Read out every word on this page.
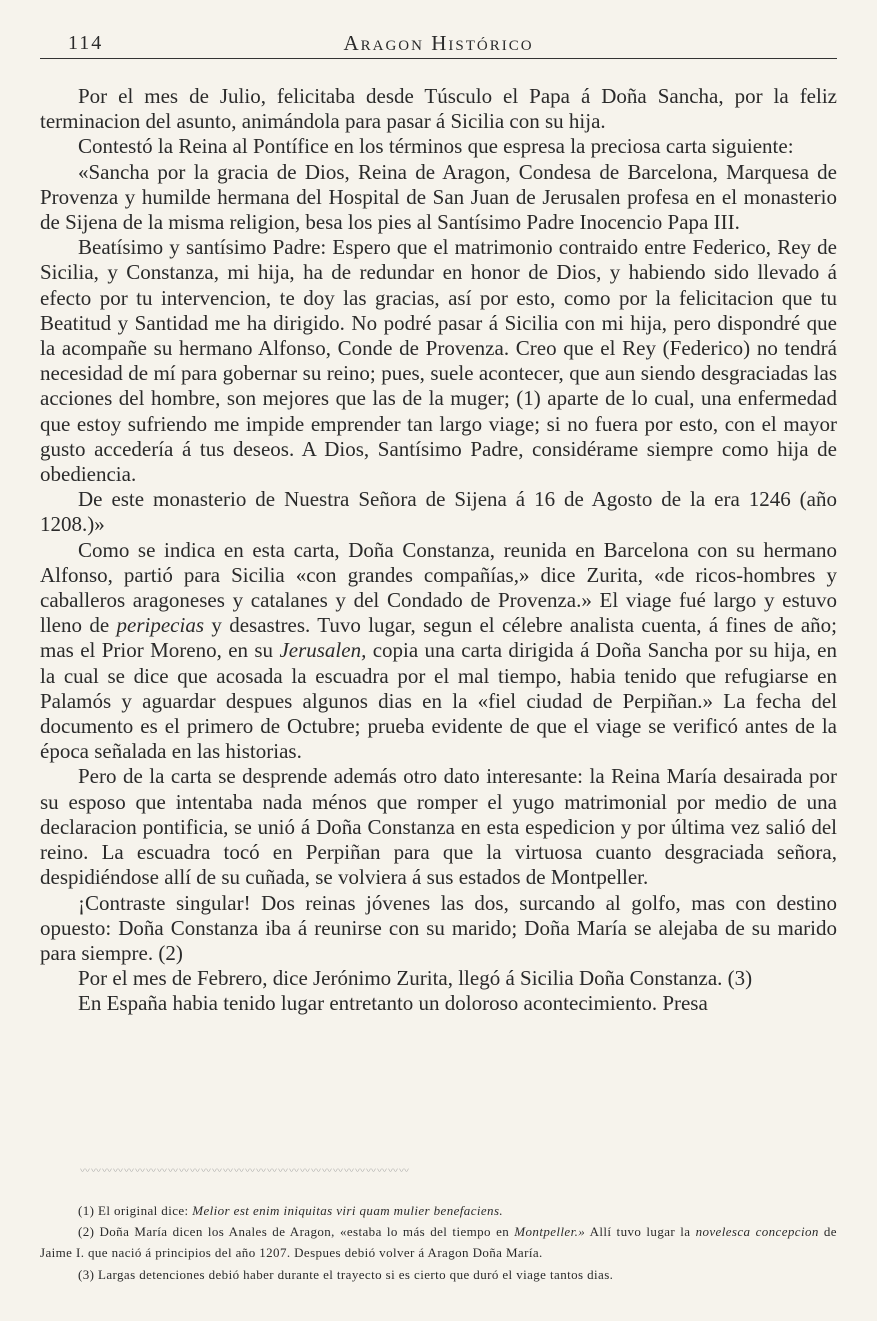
114	Aragon Histórico

Por el mes de Julio, felicitaba desde Túsculo el Papa á Doña Sancha, por la feliz terminacion del asunto, animándola para pasar á Sicilia con su hija.

Contestó la Reina al Pontífice en los términos que espresa la preciosa carta siguiente:

«Sancha por la gracia de Dios, Reina de Aragon, Condesa de Barcelona, Marquesa de Provenza y humilde hermana del Hospital de San Juan de Jerusalen profesa en el monasterio de Sijena de la misma religion, besa los pies al Santísimo Padre Inocencio Papa III.

Beatísimo y santísimo Padre: Espero que el matrimonio contraido entre Federico, Rey de Sicilia, y Constanza, mi hija, ha de redundar en honor de Dios, y habiendo sido llevado á efecto por tu intervencion, te doy las gracias, así por esto, como por la felicitacion que tu Beatitud y Santidad me ha dirigido. No podré pasar á Sicilia con mi hija, pero dispondré que la acompañe su hermano Alfonso, Conde de Provenza. Creo que el Rey (Federico) no tendrá necesidad de mí para gobernar su reino; pues, suele acontecer, que aun siendo desgraciadas las acciones del hombre, son mejores que las de la muger; (1) aparte de lo cual, una enfermedad que estoy sufriendo me impide emprender tan largo viage; si no fuera por esto, con el mayor gusto accedería á tus deseos. A Dios, Santísimo Padre, considérame siempre como hija de obediencia.

De este monasterio de Nuestra Señora de Sijena á 16 de Agosto de la era 1246 (año 1208.)»

Como se indica en esta carta, Doña Constanza, reunida en Barcelona con su hermano Alfonso, partió para Sicilia «con grandes compañías,» dice Zurita, «de ricos-hombres y caballeros aragoneses y catalanes y del Condado de Provenza.» El viage fué largo y estuvo lleno de peripecias y desastres. Tuvo lugar, segun el célebre analista cuenta, á fines de año; mas el Prior Moreno, en su Jerusalen, copia una carta dirigida á Doña Sancha por su hija, en la cual se dice que acosada la escuadra por el mal tiempo, habia tenido que refugiarse en Palamós y aguardar despues algunos dias en la «fiel ciudad de Perpiñan.» La fecha del documento es el primero de Octubre; prueba evidente de que el viage se verificó antes de la época señalada en las historias.

Pero de la carta se desprende además otro dato interesante: la Reina María desairada por su esposo que intentaba nada ménos que romper el yugo matrimonial por medio de una declaracion pontificia, se unió á Doña Constanza en esta espedicion y por última vez salió del reino. La escuadra tocó en Perpiñan para que la virtuosa cuanto desgraciada señora, despidiéndose allí de su cuñada, se volviera á sus estados de Montpeller.

¡Contraste singular! Dos reinas jóvenes las dos, surcando al golfo, mas con destino opuesto: Doña Constanza iba á reunirse con su marido; Doña María se alejaba de su marido para siempre. (2)

Por el mes de Febrero, dice Jerónimo Zurita, llegó á Sicilia Doña Constanza. (3)

En España habia tenido lugar entretanto un doloroso acontecimiento. Presa

〰〰〰〰〰〰〰〰〰〰〰〰〰〰〰〰〰〰〰〰〰〰〰〰〰〰〰〰〰〰

(1) El original dice: Melior est enim iniquitas viri quam mulier benefaciens.

(2) Doña María dicen los Anales de Aragon, «estaba lo más del tiempo en Montpeller.» Allí tuvo lugar la novelesca concepcion de Jaime I. que nació á principios del año 1207. Despues debió volver á Aragon Doña María.

(3) Largas detenciones debió haber durante el trayecto si es cierto que duró el viage tantos dias.
